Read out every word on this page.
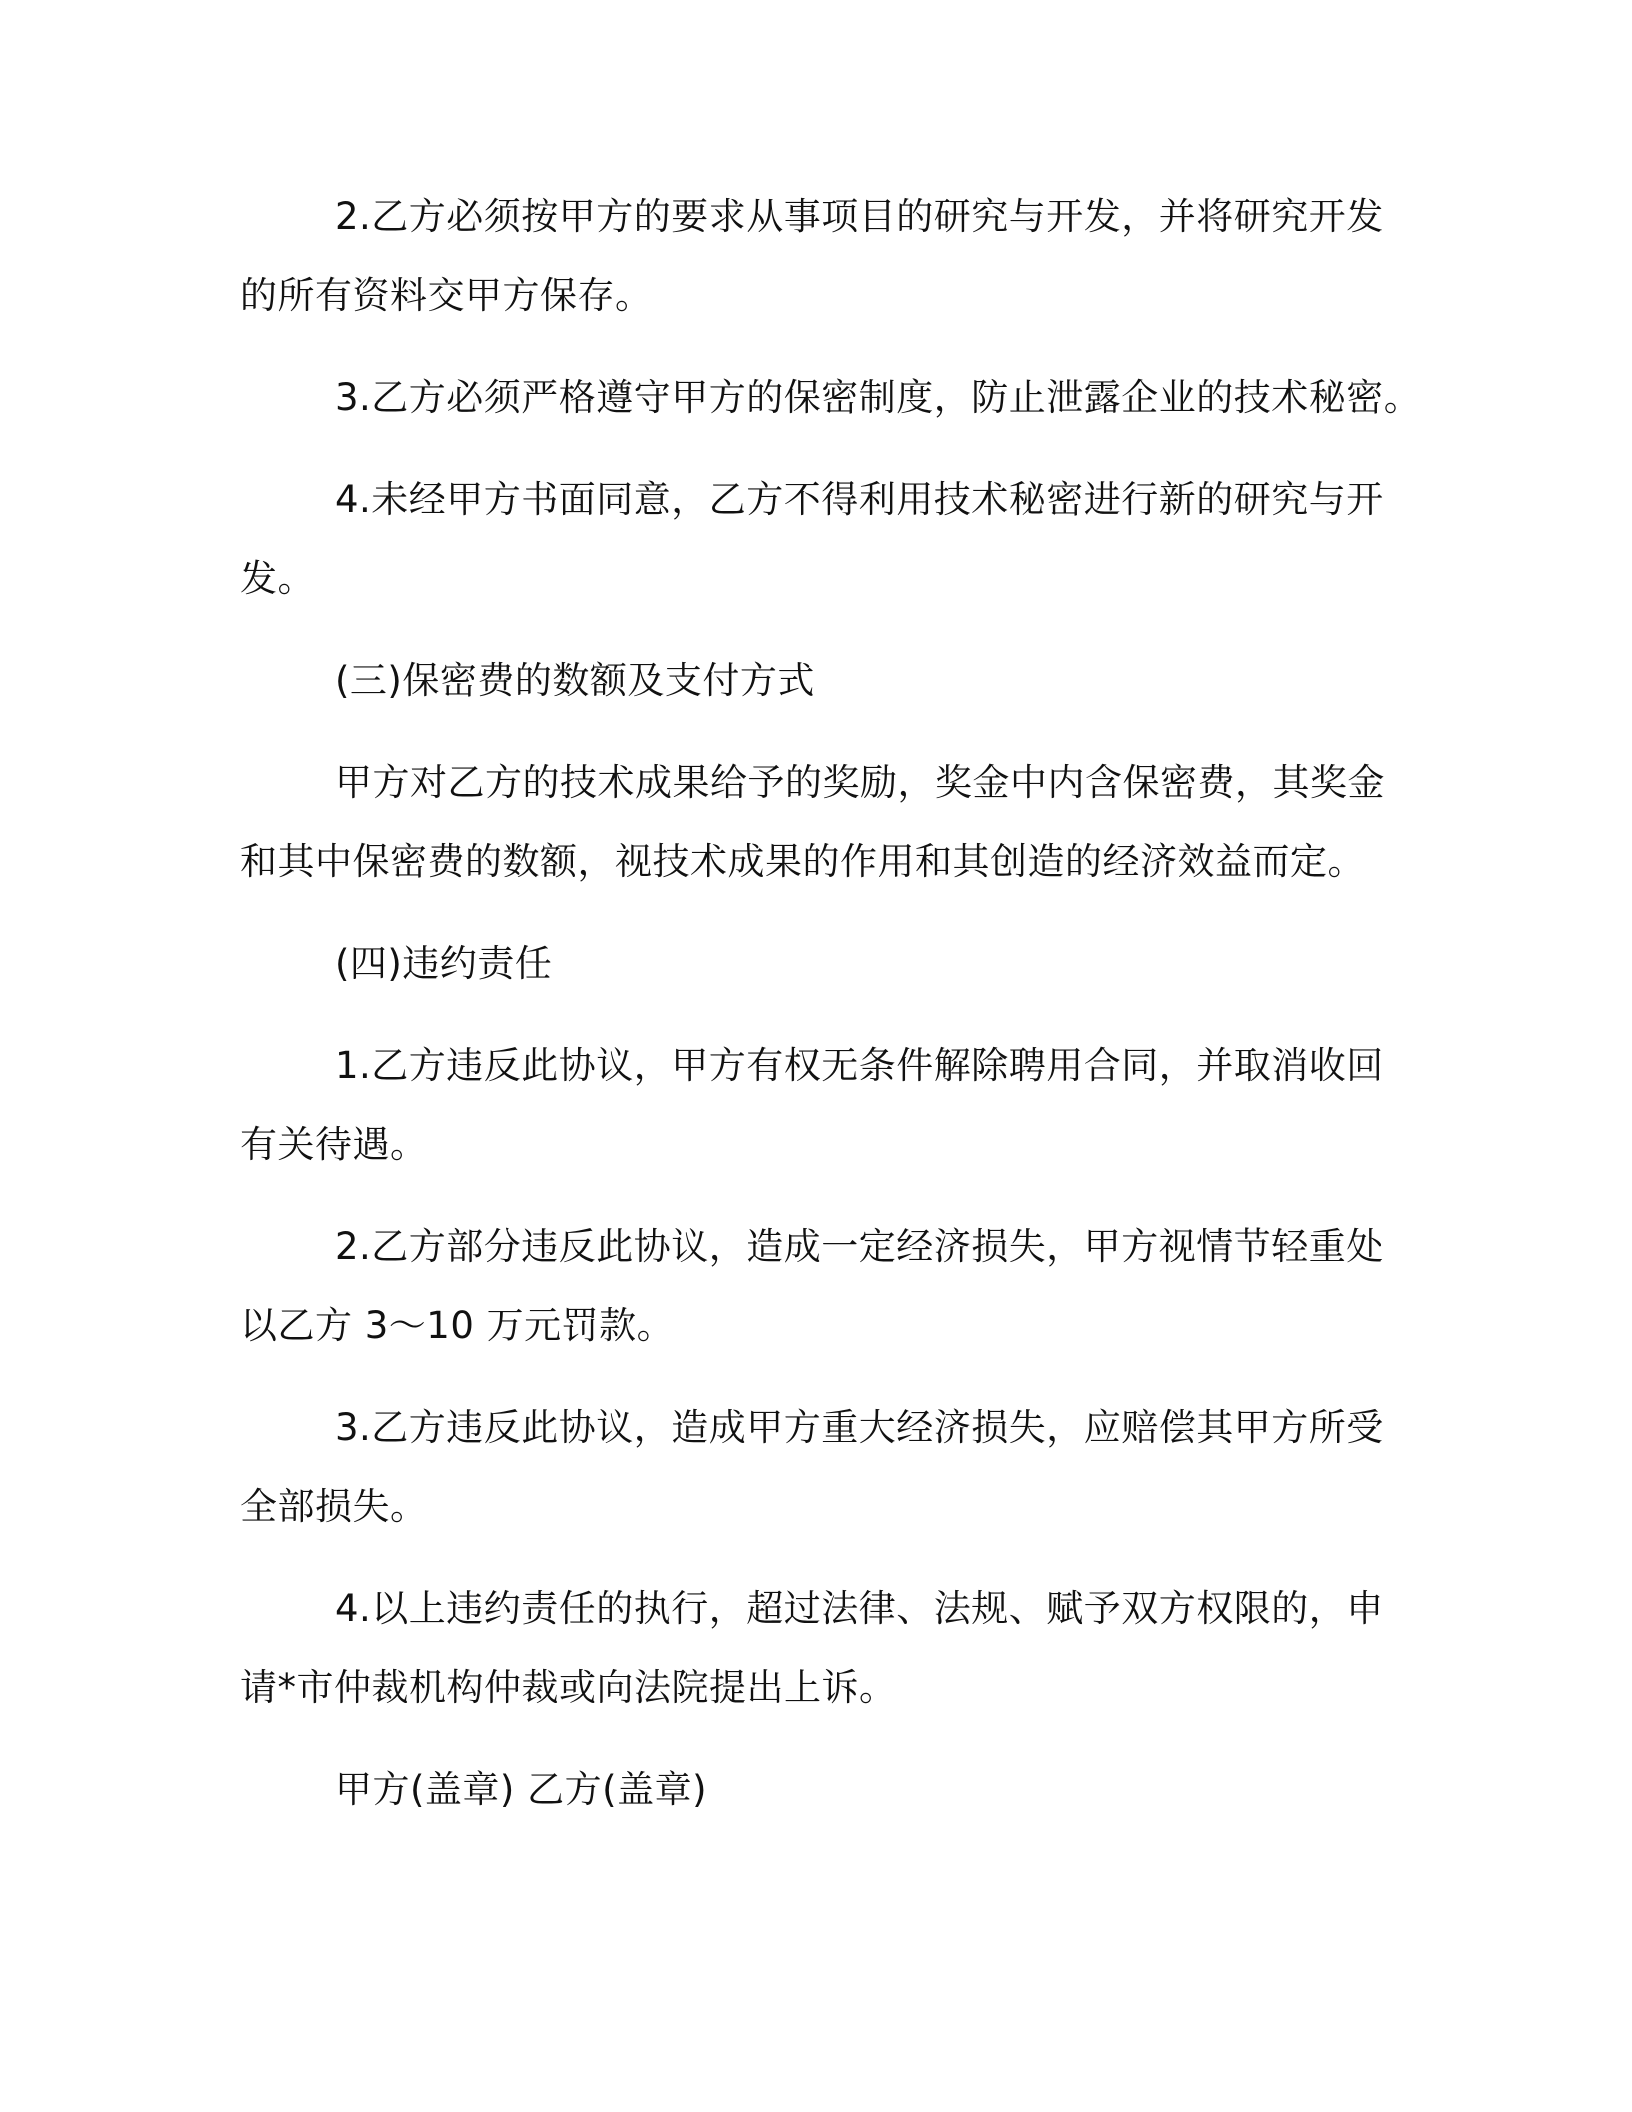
2.乙方必须按甲方的要求从事项目的研究与开发，并将研究开发
的所有资料交甲方保存。
3.乙方必须严格遵守甲方的保密制度，防止泄露企业的技术秘密。
4.未经甲方书面同意，乙方不得利用技术秘密进行新的研究与开
发。
(三)保密费的数额及支付方式
甲方对乙方的技术成果给予的奖励，奖金中内含保密费，其奖金
和其中保密费的数额，视技术成果的作用和其创造的经济效益而定。
(四)违约责任
1.乙方违反此协议，甲方有权无条件解除聘用合同，并取消收回
有关待遇。
2.乙方部分违反此协议，造成一定经济损失，甲方视情节轻重处
以乙方 3～10 万元罚款。
3.乙方违反此协议，造成甲方重大经济损失，应赔偿其甲方所受
全部损失。
4.以上违约责任的执行，超过法律、法规、赋予双方权限的，申
请*市仲裁机构仲裁或向法院提出上诉。
甲方(盖章) 乙方(盖章)
